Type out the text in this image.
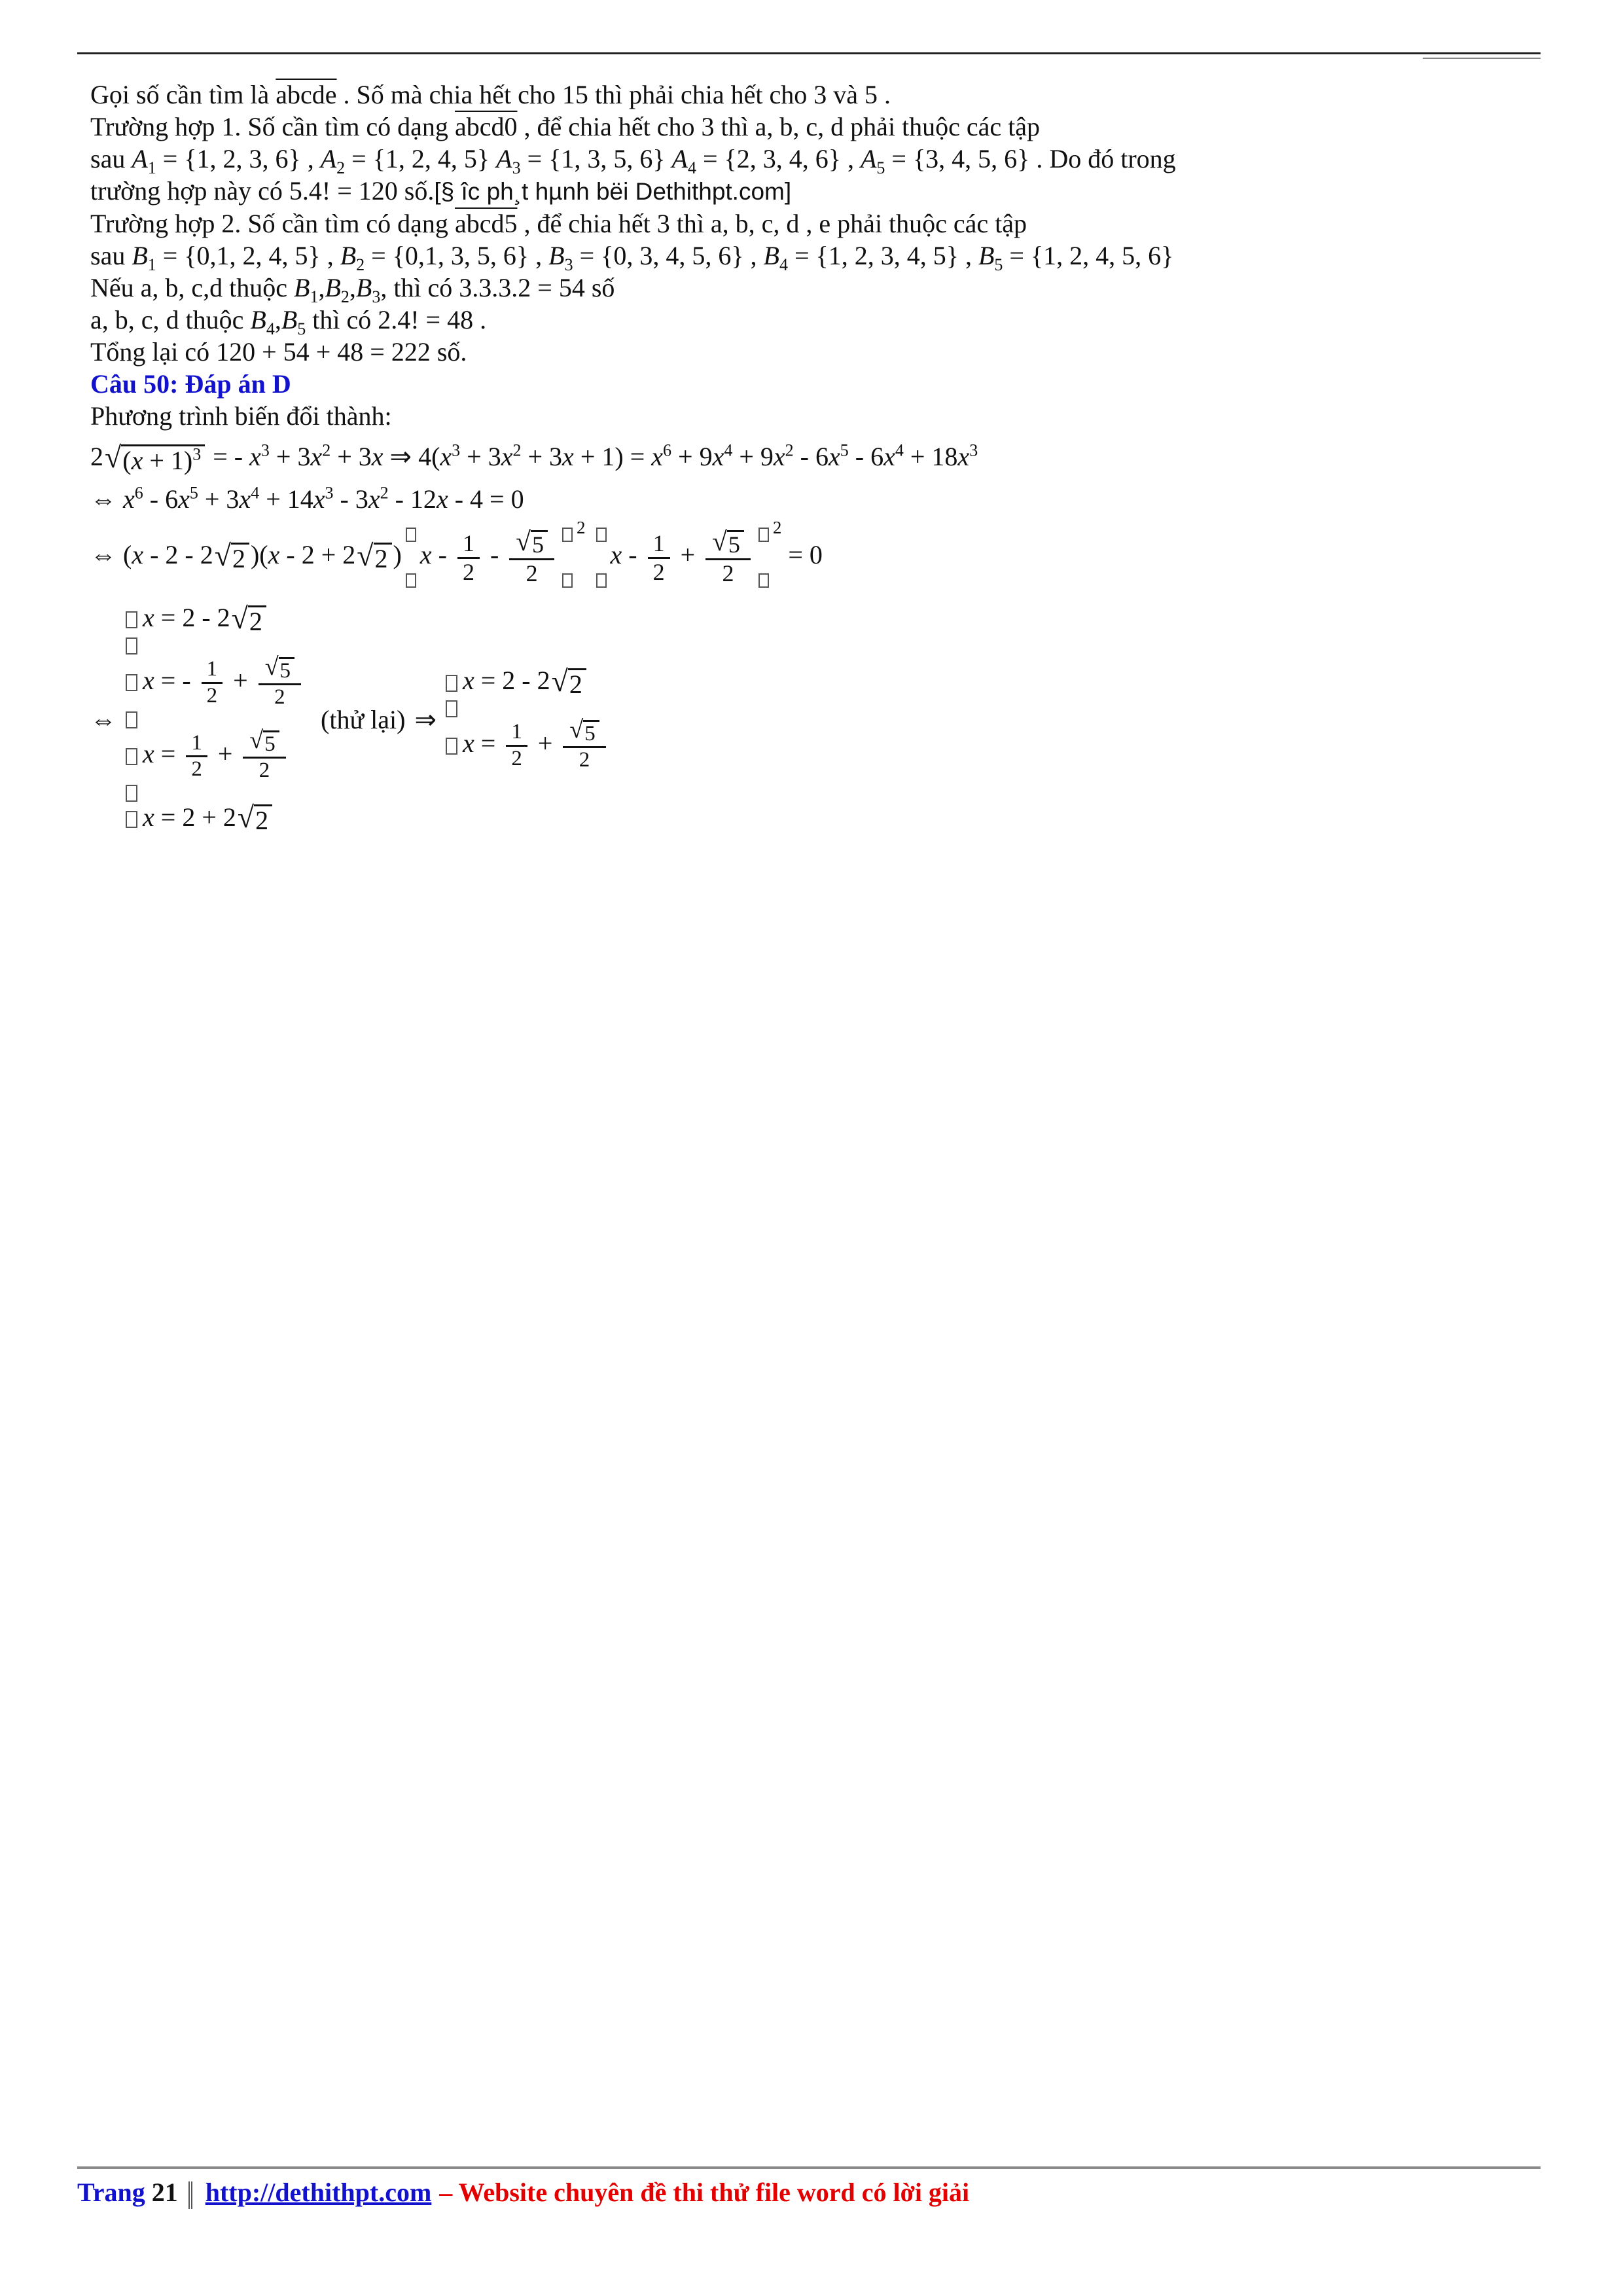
Gọi số cần tìm là abcde . Số mà chia hết cho 15 thì phải chia hết cho 3 và 5 .
Trường hợp 1. Số cần tìm có dạng abcd0 , để chia hết cho 3 thì a, b, c, d phải thuộc các tập
sau $A_1 = \{1$, 2, 3, 6} , $A_2 = \{1$, 2, 4, 5} $A_3 = \{1$, 3, 5, 6} $A_4 = \{2$, 3, 4, 6} , $A_5 = \{3$, 4, 5, 6} . Do đó trong
trường hợp này có 5.4! = 120 số.[§ îc ph¸t hµnh bëi Dethithpt.com]
Trường hợp 2. Số cần tìm có dạng abcd5 , để chia hết 3 thì a, b, c, d , e phải thuộc các tập
sau $B_1 = \{0,1$, 2, 4, 5} , $B_2 = \{0,1$, 3, 5, 6} , $B_3 = \{0$, 3, 4, 5, 6} , $B_4 = \{1$, 2, 3, 4, 5} , $B_5 = \{1$, 2, 4, 5, 6}
Nếu a, b, c,d thuộc $B_1,B_2,B_3$, thì có 3.3.3.2 = 54 số
a, b, c, d thuộc $B_4,B_5$ thì có 2.4! = 48 .
Tổng lại có 120 + 54 + 48 = 222 số.
Câu 50: Đáp án D
Phương trình biến đổi thành:
2 √ $(x + 1)^3$ = - $x^3 + 3x^2 + 3x$ ⇒ $4(x^3 + 3x^2 + 3x + 1) = x^6 + 9x^4 + 9x^2 - 6x^5 - 6x^4 + 18x^3$
⇔ $x^6 - 6x^5 + 3x^4 + 14x^3 - 3x^2 - 12x - 4 = 0$
⇔ (x - 2 - 2 √ 2 )(x - 2 + 2 √ 2 ) x - $\frac{1}{2} - \frac{√ 5}{2}$
$^2$
$x - \frac{1}{2} + \frac{√ 5}{2}$
$^2$ = 0
⇔
x = 2 - 2 √ 2
x = - $\frac{1}{2} + \frac{√ 5}{2}$
$x = \frac{1}{2} + \frac{√ 5}{2}$
x = 2 + 2 √ 2
(thử lại)⇒
x = 2 - 2 √ 2
$x = \frac{1}{2} + \frac{√ 5}{2}$
Trang 21 http://dethithpt.com – Website chuyên đề thi thử file word có lời giải
